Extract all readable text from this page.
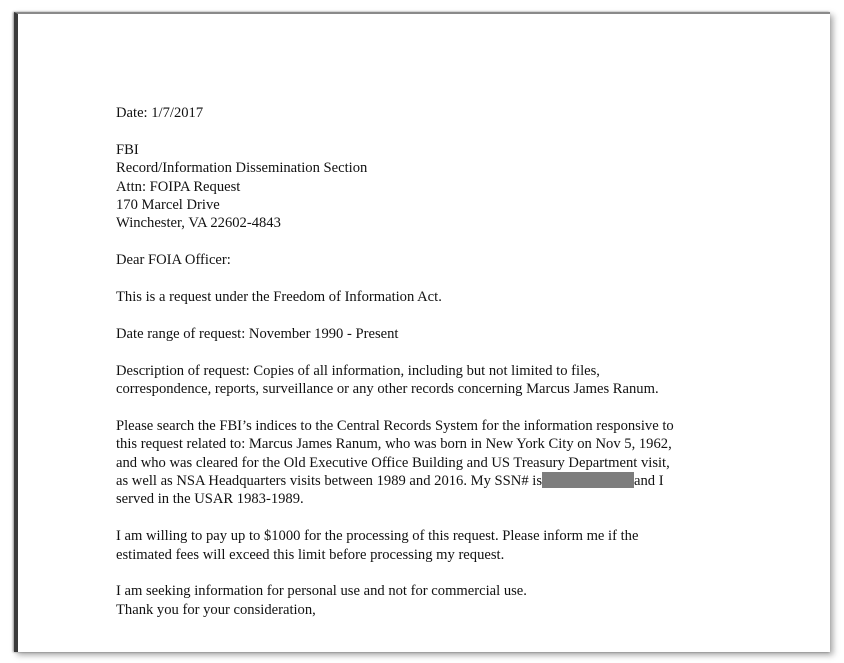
Date: 1/7/2017

FBI
Record/Information Dissemination Section
Attn: FOIPA Request
170 Marcel Drive
Winchester, VA 22602-4843

Dear FOIA Officer:

This is a request under the Freedom of Information Act.

Date range of request: November 1990 - Present

Description of request: Copies of all information, including but not limited to files,
correspondence, reports, surveillance or any other records concerning Marcus James Ranum.

Please search the FBI’s indices to the Central Records System for the information responsive to
this request related to: Marcus James Ranum, who was born in New York City on Nov 5, 1962,
and who was cleared for the Old Executive Office Building and US Treasury Department visit,
as well as NSA Headquarters visits between 1989 and 2016. My SSN# is	and I
served in the USAR 1983-1989.

I am willing to pay up to $1000 for the processing of this request. Please inform me if the
estimated fees will exceed this limit before processing my request.

I am seeking information for personal use and not for commercial use.
Thank you for your consideration,
